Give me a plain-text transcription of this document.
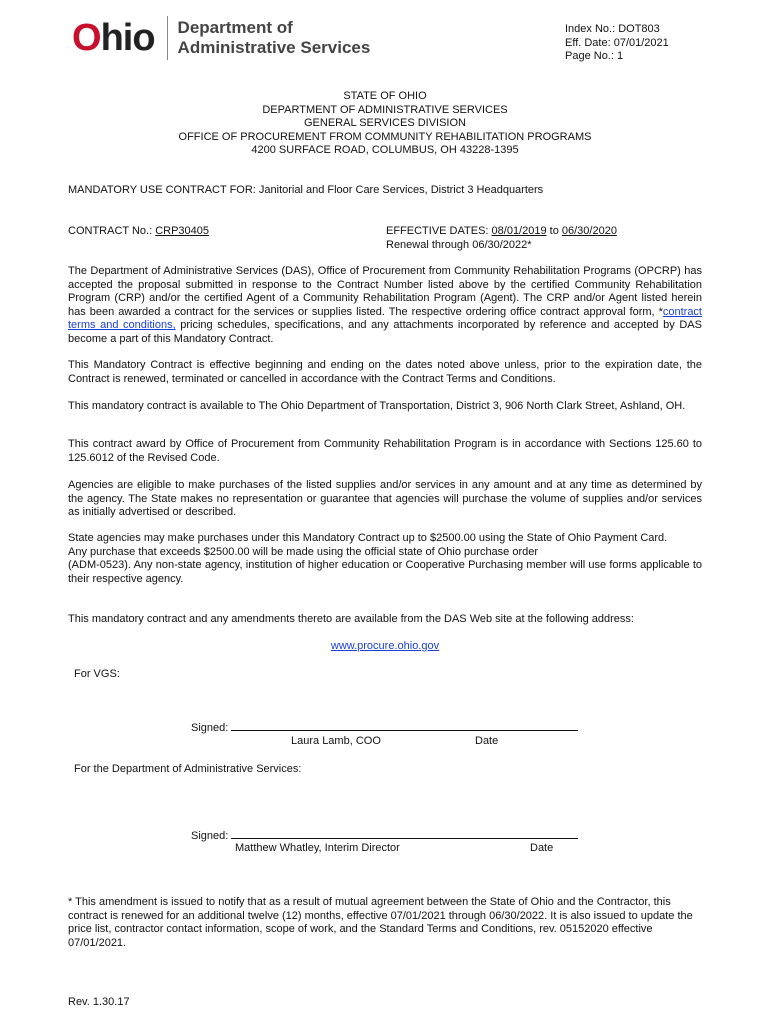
Ohio Department of
Administrative Services
Index No.: DOT803
Eff. Date: 07/01/2021
Page No.: 1
STATE OF OHIO
DEPARTMENT OF ADMINISTRATIVE SERVICES
GENERAL SERVICES DIVISION
OFFICE OF PROCUREMENT FROM COMMUNITY REHABILITATION PROGRAMS
4200 SURFACE ROAD, COLUMBUS, OH 43228-1395
MANDATORY USE CONTRACT FOR: Janitorial and Floor Care Services, District 3 Headquarters
CONTRACT No.: CRP30405	EFFECTIVE DATES: 08/01/2019 to 06/30/2020
Renewal through 06/30/2022*
The Department of Administrative Services (DAS), Office of Procurement from Community Rehabilitation Programs (OPCRP) has accepted the proposal submitted in response to the Contract Number listed above by the certified Community Rehabilitation Program (CRP) and/or the certified Agent of a Community Rehabilitation Program (Agent). The CRP and/or Agent listed herein has been awarded a contract for the services or supplies listed. The respective ordering office contract approval form, *contract terms and conditions, pricing schedules, specifications, and any attachments incorporated by reference and accepted by DAS become a part of this Mandatory Contract.
This Mandatory Contract is effective beginning and ending on the dates noted above unless, prior to the expiration date, the Contract is renewed, terminated or cancelled in accordance with the Contract Terms and Conditions.
This mandatory contract is available to The Ohio Department of Transportation, District 3, 906 North Clark Street, Ashland, OH.
This contract award by Office of Procurement from Community Rehabilitation Program is in accordance with Sections 125.60 to 125.6012 of the Revised Code.
Agencies are eligible to make purchases of the listed supplies and/or services in any amount and at any time as determined by the agency. The State makes no representation or guarantee that agencies will purchase the volume of supplies and/or services as initially advertised or described.
State agencies may make purchases under this Mandatory Contract up to $2500.00 using the State of Ohio Payment Card.
Any purchase that exceeds $2500.00 will be made using the official state of Ohio purchase order
(ADM-0523). Any non-state agency, institution of higher education or Cooperative Purchasing member will use forms applicable to their respective agency.
This mandatory contract and any amendments thereto are available from the DAS Web site at the following address:
www.procure.ohio.gov
For VGS:
Signed:
Laura Lamb, COO	Date
For the Department of Administrative Services:
Signed:
Matthew Whatley, Interim Director	Date
* This amendment is issued to notify that as a result of mutual agreement between the State of Ohio and the Contractor, this contract is renewed for an additional twelve (12) months, effective 07/01/2021 through 06/30/2022. It is also issued to update the price list, contractor contact information, scope of work, and the Standard Terms and Conditions, rev. 05152020 effective 07/01/2021.
Rev. 1.30.17
